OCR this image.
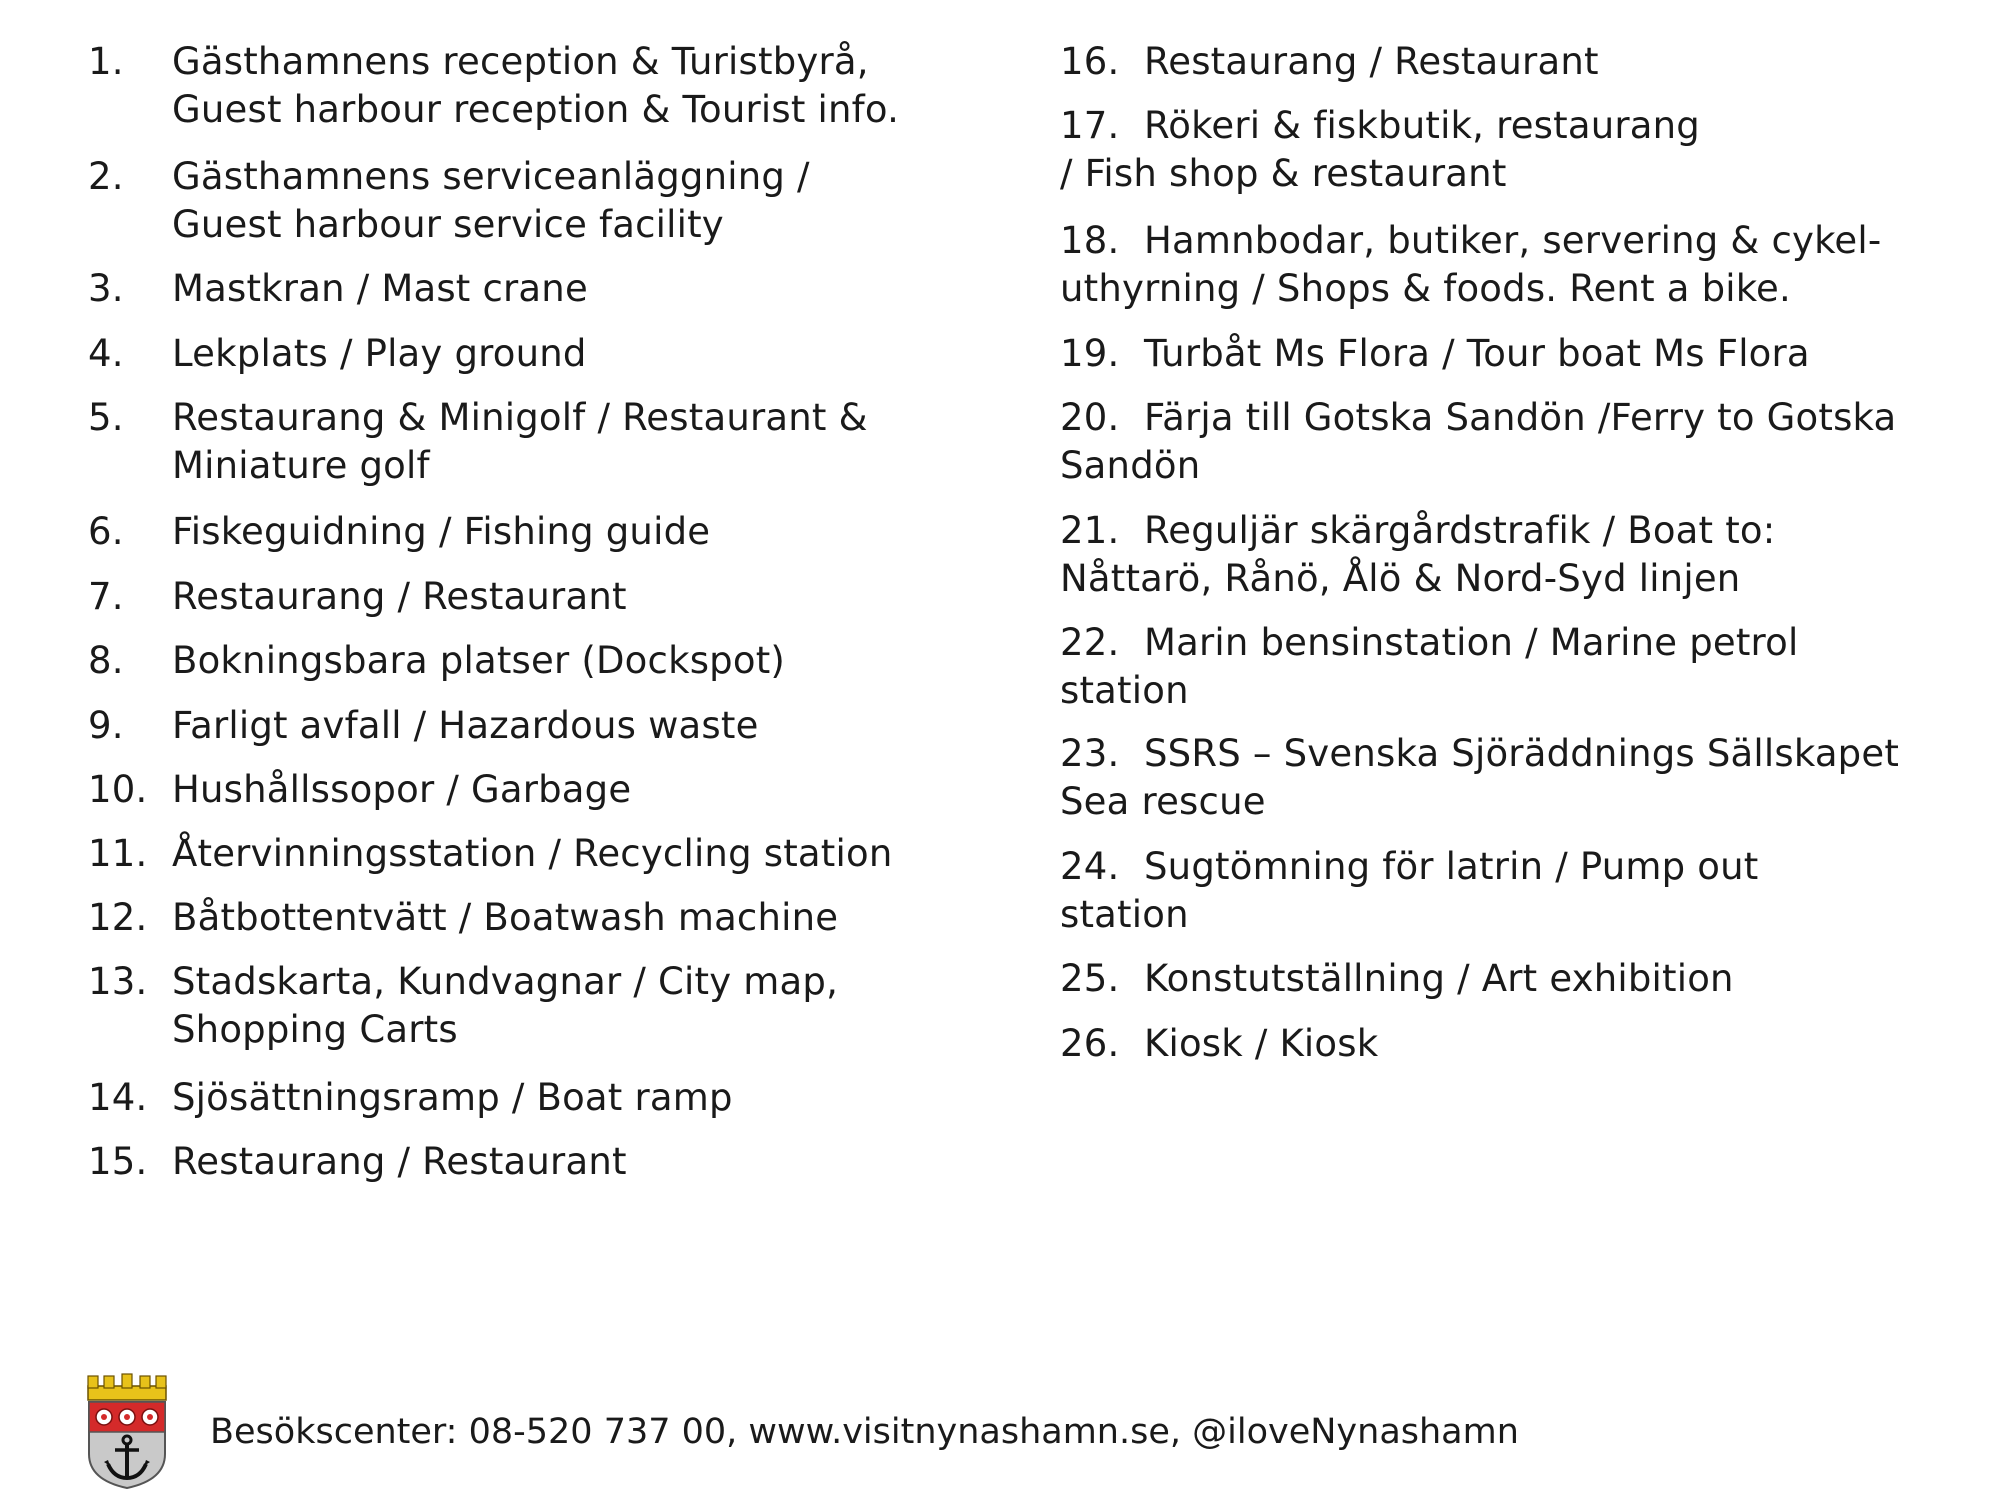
1.	Gästhamnens reception & Turistbyrå,
Guest harbour reception & Tourist info.
2.	Gästhamnens serviceanläggning /
Guest harbour service facility
3.	Mastkran / Mast crane
4.	Lekplats / Play ground
5.	Restaurang & Minigolf / Restaurant &
Miniature golf
6.	Fiskeguidning / Fishing guide
7.	Restaurang / Restaurant
8.	Bokningsbara platser (Dockspot)
9.	Farligt avfall / Hazardous waste
10. Hushållssopor / Garbage
11. Återvinningsstation / Recycling station
12. Båtbottentvätt / Boatwash machine
13. Stadskarta, Kundvagnar / City map,
Shopping Carts
14. Sjösättningsramp / Boat ramp
15. Restaurang / Restaurant
16. Restaurang / Restaurant
17. Rökeri & fiskbutik, restaurang
/ Fish shop & restaurant
18. Hamnbodar, butiker, servering & cykel-
uthyrning / Shops & foods. Rent a bike.
19. Turbåt Ms Flora / Tour boat Ms Flora
20. Färja till Gotska Sandön /Ferry to Gotska
Sandön
21. Reguljär skärgårdstrafik / Boat to:
Nåttarö, Rånö, Ålö & Nord-Syd linjen
22. Marin bensinstation / Marine petrol
station
23. SSRS – Svenska Sjöräddnings Sällskapet
Sea rescue
24. Sugtömning för latrin / Pump out
station
25. Konstutställning / Art exhibition
26. Kiosk / Kiosk
Besökscenter: 08-520 737 00, www.visitnynashamn.se, @iloveNynashamn
